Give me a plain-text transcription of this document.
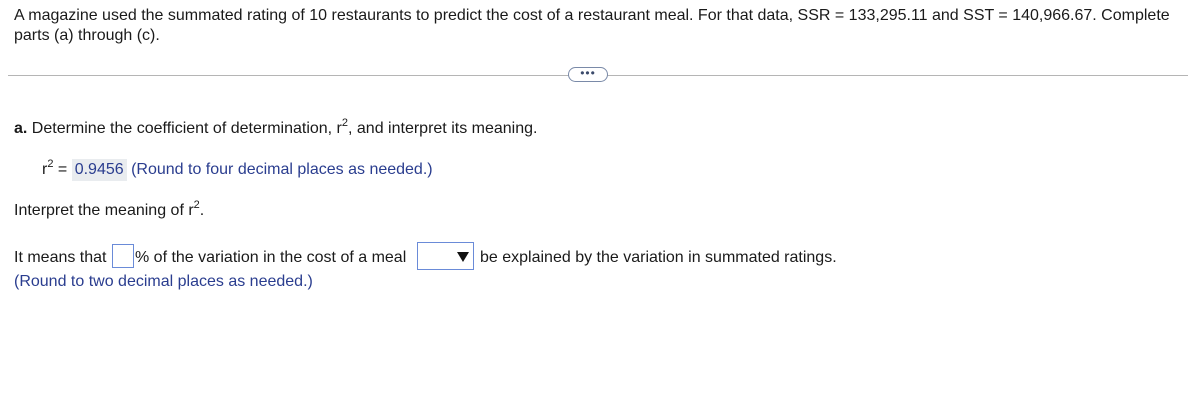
A magazine used the summated rating of 10 restaurants to predict the cost of a restaurant meal. For that data, SSR = 133,295.11 and SST = 140,966.67. Complete parts (a) through (c).
•••
a. Determine the coefficient of determination, $r^2$, and interpret its meaning.
$r^2 = 0.9456$ (Round to four decimal places as needed.)
Interpret the meaning of $r^2$.
It means that % of the variation in the cost of a meal	be explained by the variation in summated ratings.
(Round to two decimal places as needed.)
